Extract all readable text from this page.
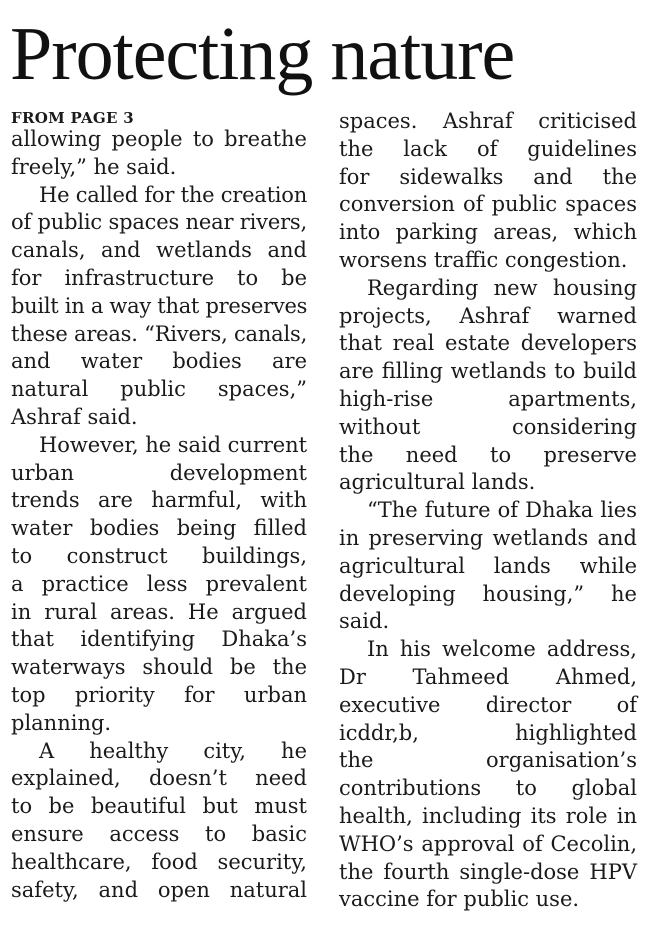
Protecting nature
FROM PAGE 3
allowing people to breathe
freely,” he said.
He called for the creation
of public spaces near rivers,
canals, and wetlands and
for infrastructure to be
built in a way that preserves
these areas. “Rivers, canals,
and water bodies are
natural public spaces,”
Ashraf said.
However, he said current
urban development
trends are harmful, with
water bodies being filled
to construct buildings,
a practice less prevalent
in rural areas. He argued
that identifying Dhaka’s
waterways should be the
top priority for urban
planning.
A healthy city, he
explained, doesn’t need
to be beautiful but must
ensure access to basic
healthcare, food security,
safety, and open natural
spaces. Ashraf criticised
the lack of guidelines
for sidewalks and the
conversion of public spaces
into parking areas, which
worsens traffic congestion.
Regarding new housing
projects, Ashraf warned
that real estate developers
are filling wetlands to build
high-rise apartments,
without considering
the need to preserve
agricultural lands.
“The future of Dhaka lies
in preserving wetlands and
agricultural lands while
developing housing,” he
said.
In his welcome address,
Dr Tahmeed Ahmed,
executive director of
icddr,b, highlighted
the organisation’s
contributions to global
health, including its role in
WHO’s approval of Cecolin,
the fourth single-dose HPV
vaccine for public use.
